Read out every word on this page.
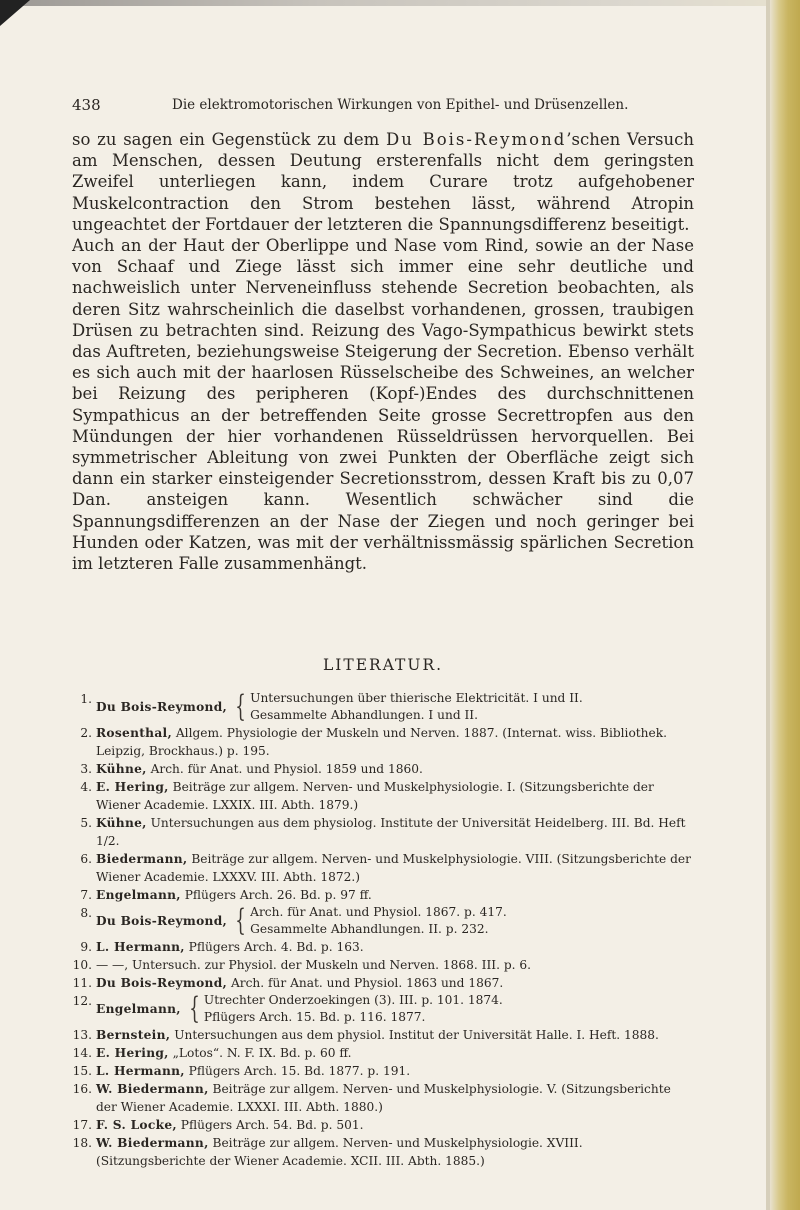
438	Die elektromotorischen Wirkungen von Epithel- und Drüsenzellen.

so zu sagen ein Gegenstück zu dem Du Bois-Reymond’schen Versuch am Menschen, dessen Deutung ersterenfalls nicht dem geringsten Zweifel unterliegen kann, indem Curare trotz aufgehobener Muskelcontraction den Strom bestehen lässt, während Atropin ungeachtet der Fortdauer der letzteren die Spannungsdifferenz beseitigt.

Auch an der Haut der Oberlippe und Nase vom Rind, sowie an der Nase von Schaaf und Ziege lässt sich immer eine sehr deutliche und nachweislich unter Nerveneinfluss stehende Secretion beobachten, als deren Sitz wahrscheinlich die daselbst vorhandenen, grossen, traubigen Drüsen zu betrachten sind. Reizung des Vago-Sympathicus bewirkt stets das Auftreten, beziehungsweise Steigerung der Secretion. Ebenso verhält es sich auch mit der haarlosen Rüsselscheibe des Schweines, an welcher bei Reizung des peripheren (Kopf-)Endes des durchschnittenen Sympathicus an der betreffenden Seite grosse Secrettropfen aus den Mündungen der hier vorhandenen Rüsseldrüssen hervorquellen. Bei symmetrischer Ableitung von zwei Punkten der Oberfläche zeigt sich dann ein starker einsteigender Secretionsstrom, dessen Kraft bis zu 0,07 Dan. ansteigen kann. Wesentlich schwächer sind die Spannungsdifferenzen an der Nase der Ziegen und noch geringer bei Hunden oder Katzen, was mit der verhältnissmässig spärlichen Secretion im letzteren Falle zusammenhängt.

LITERATUR.
1.
Du Bois-Reymond, { Untersuchungen über thierische Elektricität. I und II.
Gesammelte Abhandlungen. I und II.
2. Rosenthal, Allgem. Physiologie der Muskeln und Nerven. 1887. (Internat. wiss. Bibliothek. Leipzig, Brockhaus.) p. 195.
3. Kühne, Arch. für Anat. und Physiol. 1859 und 1860.
4. E. Hering, Beiträge zur allgem. Nerven- und Muskelphysiologie. I. (Sitzungsberichte der Wiener Academie. LXXIX. III. Abth. 1879.)
5. Kühne, Untersuchungen aus dem physiolog. Institute der Universität Heidelberg. III. Bd. Heft 1/2.
6. Biedermann, Beiträge zur allgem. Nerven- und Muskelphysiologie. VIII. (Sitzungsberichte der Wiener Academie. LXXXV. III. Abth. 1872.)
7. Engelmann, Pflügers Arch. 26. Bd. p. 97 ff.
8.
Du Bois-Reymond, { Arch. für Anat. und Physiol. 1867. p. 417.
Gesammelte Abhandlungen. II. p. 232.
9. L. Hermann, Pflügers Arch. 4. Bd. p. 163.
10. — —, Untersuch. zur Physiol. der Muskeln und Nerven. 1868. III. p. 6.
11. Du Bois-Reymond, Arch. für Anat. und Physiol. 1863 und 1867.
12.
Engelmann, { Utrechter Onderzoekingen (3). III. p. 101. 1874.
Pflügers Arch. 15. Bd. p. 116. 1877.
13. Bernstein, Untersuchungen aus dem physiol. Institut der Universität Halle. I. Heft. 1888.
14. E. Hering, „Lotos“. N. F. IX. Bd. p. 60 ff.
15. L. Hermann, Pflügers Arch. 15. Bd. 1877. p. 191.
16. W. Biedermann, Beiträge zur allgem. Nerven- und Muskelphysiologie. V. (Sitzungsberichte der Wiener Academie. LXXXI. III. Abth. 1880.)
17. F. S. Locke, Pflügers Arch. 54. Bd. p. 501.
18. W. Biedermann, Beiträge zur allgem. Nerven- und Muskelphysiologie. XVIII. (Sitzungsberichte der Wiener Academie. XCII. III. Abth. 1885.)
